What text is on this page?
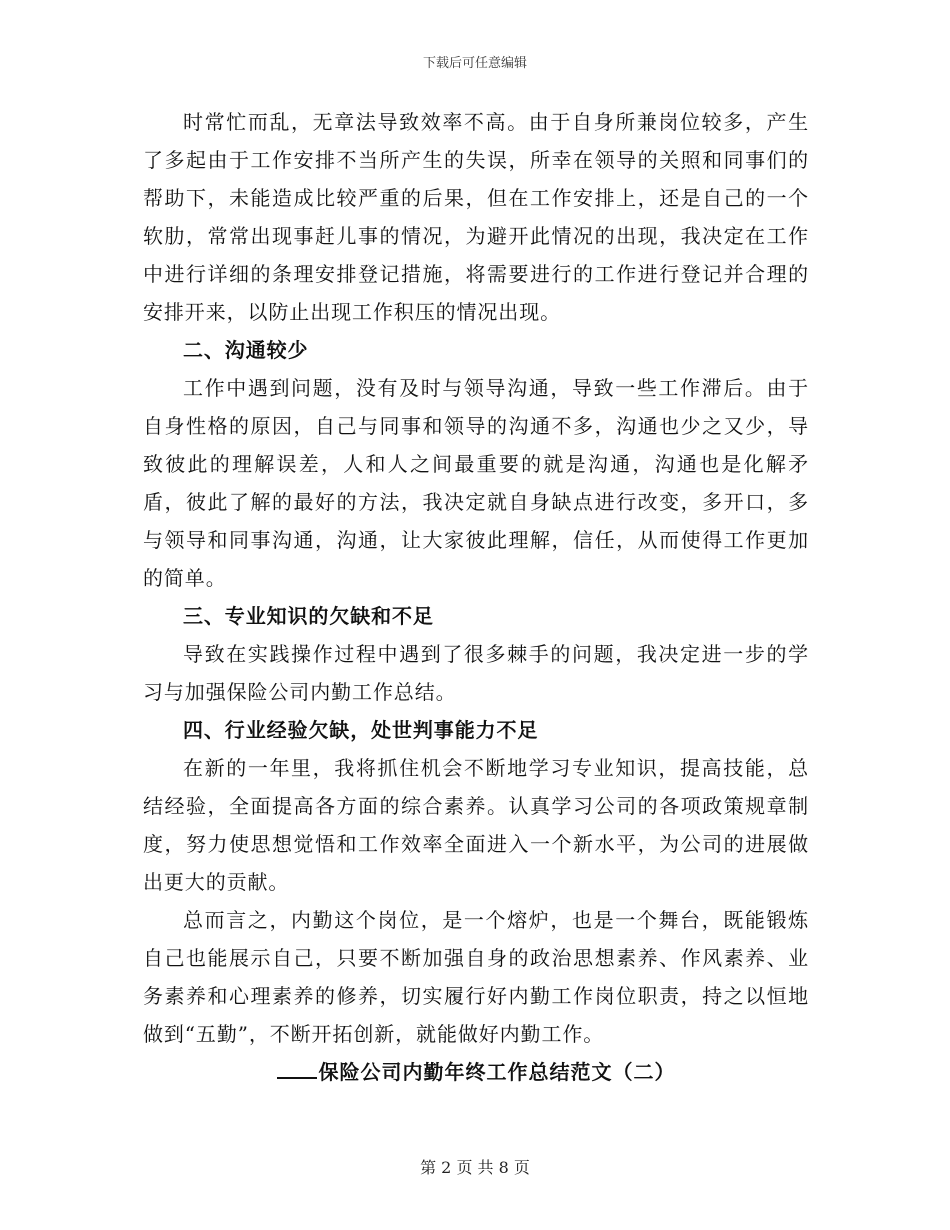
下载后可任意编辑

时常忙而乱，无章法导致效率不高。由于自身所兼岗位较多，产生了多起由于工作安排不当所产生的失误，所幸在领导的关照和同事们的帮助下，未能造成比较严重的后果，但在工作安排上，还是自己的一个软肋，常常出现事赶儿事的情况，为避开此情况的出现，我决定在工作中进行详细的条理安排登记措施，将需要进行的工作进行登记并合理的安排开来，以防止出现工作积压的情况出现。

二、沟通较少

工作中遇到问题，没有及时与领导沟通，导致一些工作滞后。由于自身性格的原因，自己与同事和领导的沟通不多，沟通也少之又少，导致彼此的理解误差，人和人之间最重要的就是沟通，沟通也是化解矛盾，彼此了解的最好的方法，我决定就自身缺点进行改变，多开口，多与领导和同事沟通，沟通，让大家彼此理解，信任，从而使得工作更加的简单。

三、专业知识的欠缺和不足

导致在实践操作过程中遇到了很多棘手的问题，我决定进一步的学习与加强保险公司内勤工作总结。

四、行业经验欠缺，处世判事能力不足

在新的一年里，我将抓住机会不断地学习专业知识，提高技能，总结经验，全面提高各方面的综合素养。认真学习公司的各项政策规章制度，努力使思想觉悟和工作效率全面进入一个新水平，为公司的进展做出更大的贡献。

总而言之，内勤这个岗位，是一个熔炉，也是一个舞台，既能锻炼自己也能展示自己，只要不断加强自身的政治思想素养、作风素养、业务素养和心理素养的修养，切实履行好内勤工作岗位职责，持之以恒地做到“五勤”，不断开拓创新，就能做好内勤工作。

保险公司内勤年终工作总结范文（二）

第 2 页 共 8 页
